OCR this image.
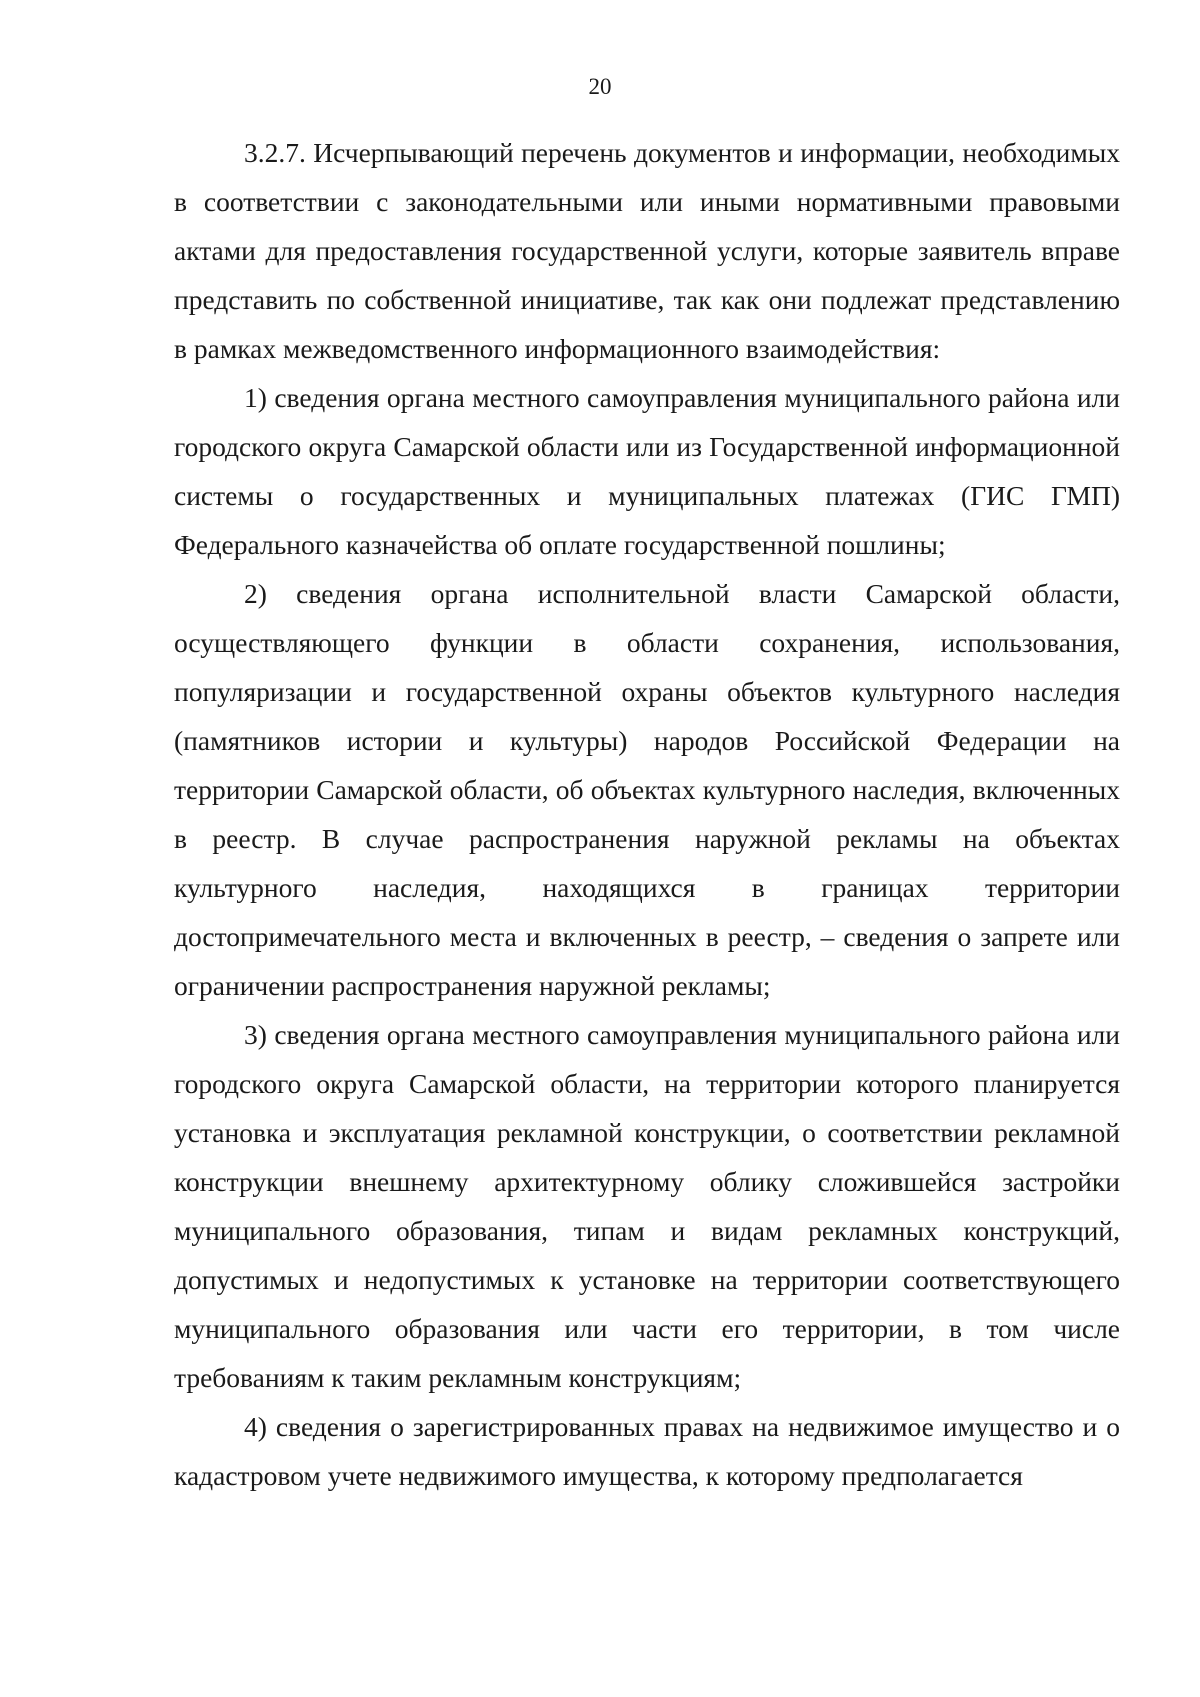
20

3.2.7. Исчерпывающий перечень документов и информации, необходимых в соответствии с законодательными или иными нормативными правовыми актами для предоставления государственной услуги, которые заявитель вправе представить по собственной инициативе, так как они подлежат представлению в рамках межведомственного информационного взаимодействия:

1) сведения органа местного самоуправления муниципального района или городского округа Самарской области или из Государственной информационной системы о государственных и муниципальных платежах (ГИС ГМП) Федерального казначейства об оплате государственной пошлины;

2) сведения органа исполнительной власти Самарской области, осуществляющего функции в области сохранения, использования, популяризации и государственной охраны объектов культурного наследия (памятников истории и культуры) народов Российской Федерации на территории Самарской области, об объектах культурного наследия, включенных в реестр. В случае распространения наружной рекламы на объектах культурного наследия, находящихся в границах территории достопримечательного места и включенных в реестр, – сведения о запрете или ограничении распространения наружной рекламы;

3) сведения органа местного самоуправления муниципального района или городского округа Самарской области, на территории которого планируется установка и эксплуатация рекламной конструкции, о соответствии рекламной конструкции внешнему архитектурному облику сложившейся застройки муниципального образования, типам и видам рекламных конструкций, допустимых и недопустимых к установке на территории соответствующего муниципального образования или части его территории, в том числе требованиям к таким рекламным конструкциям;

4) сведения о зарегистрированных правах на недвижимое имущество и о кадастровом учете недвижимого имущества, к которому предполагается
